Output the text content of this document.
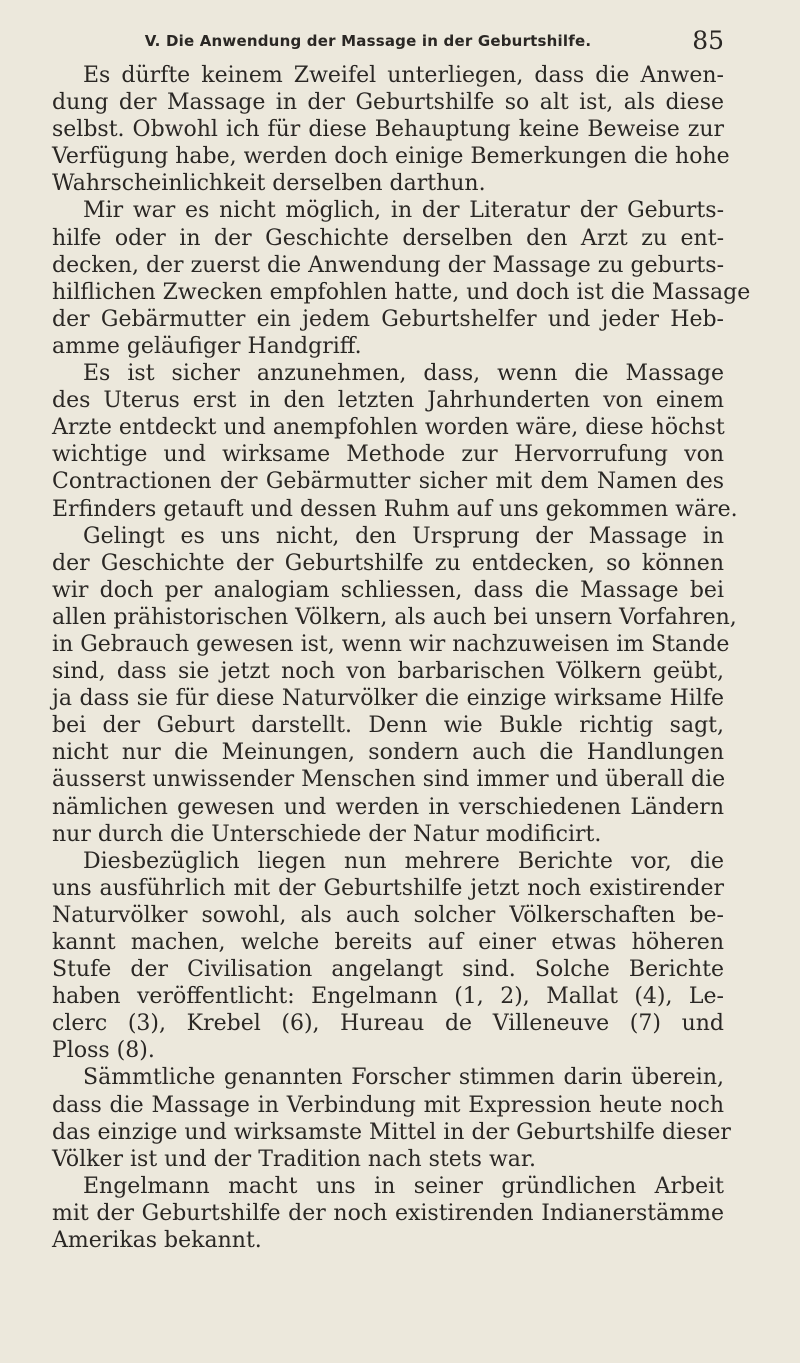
V. Die Anwendung der Massage in der Geburtshilfe.	85

Es dürfte keinem Zweifel unterliegen, dass die Anwen-
dung der Massage in der Geburtshilfe so alt ist, als diese
selbst. Obwohl ich für diese Behauptung keine Beweise zur
Verfügung habe, werden doch einige Bemerkungen die hohe
Wahrscheinlichkeit derselben darthun.

Mir war es nicht möglich, in der Literatur der Geburts-
hilfe oder in der Geschichte derselben den Arzt zu ent-
decken, der zuerst die Anwendung der Massage zu geburts-
hilflichen Zwecken empfohlen hatte, und doch ist die Massage
der Gebärmutter ein jedem Geburtshelfer und jeder Heb-
amme geläufiger Handgriff.

Es ist sicher anzunehmen, dass, wenn die Massage
des Uterus erst in den letzten Jahrhunderten von einem
Arzte entdeckt und anempfohlen worden wäre, diese höchst
wichtige und wirksame Methode zur Hervorrufung von
Contractionen der Gebärmutter sicher mit dem Namen des
Erfinders getauft und dessen Ruhm auf uns gekommen wäre.

Gelingt es uns nicht, den Ursprung der Massage in
der Geschichte der Geburtshilfe zu entdecken, so können
wir doch per analogiam schliessen, dass die Massage bei
allen prähistorischen Völkern, als auch bei unsern Vorfahren,
in Gebrauch gewesen ist, wenn wir nachzuweisen im Stande
sind, dass sie jetzt noch von barbarischen Völkern geübt,
ja dass sie für diese Naturvölker die einzige wirksame Hilfe
bei der Geburt darstellt. Denn wie Bukle richtig sagt,
nicht nur die Meinungen, sondern auch die Handlungen
äusserst unwissender Menschen sind immer und überall die
nämlichen gewesen und werden in verschiedenen Ländern
nur durch die Unterschiede der Natur modificirt.

Diesbezüglich liegen nun mehrere Berichte vor, die
uns ausführlich mit der Geburtshilfe jetzt noch existirender
Naturvölker sowohl, als auch solcher Völkerschaften be-
kannt machen, welche bereits auf einer etwas höheren
Stufe der Civilisation angelangt sind. Solche Berichte
haben veröffentlicht: Engelmann (1, 2), Mallat (4), Le-
clerc (3), Krebel (6), Hureau de Villeneuve (7) und
Ploss (8).

Sämmtliche genannten Forscher stimmen darin überein,
dass die Massage in Verbindung mit Expression heute noch
das einzige und wirksamste Mittel in der Geburtshilfe dieser
Völker ist und der Tradition nach stets war.

Engelmann macht uns in seiner gründlichen Arbeit
mit der Geburtshilfe der noch existirenden Indianerstämme
Amerikas bekannt.
